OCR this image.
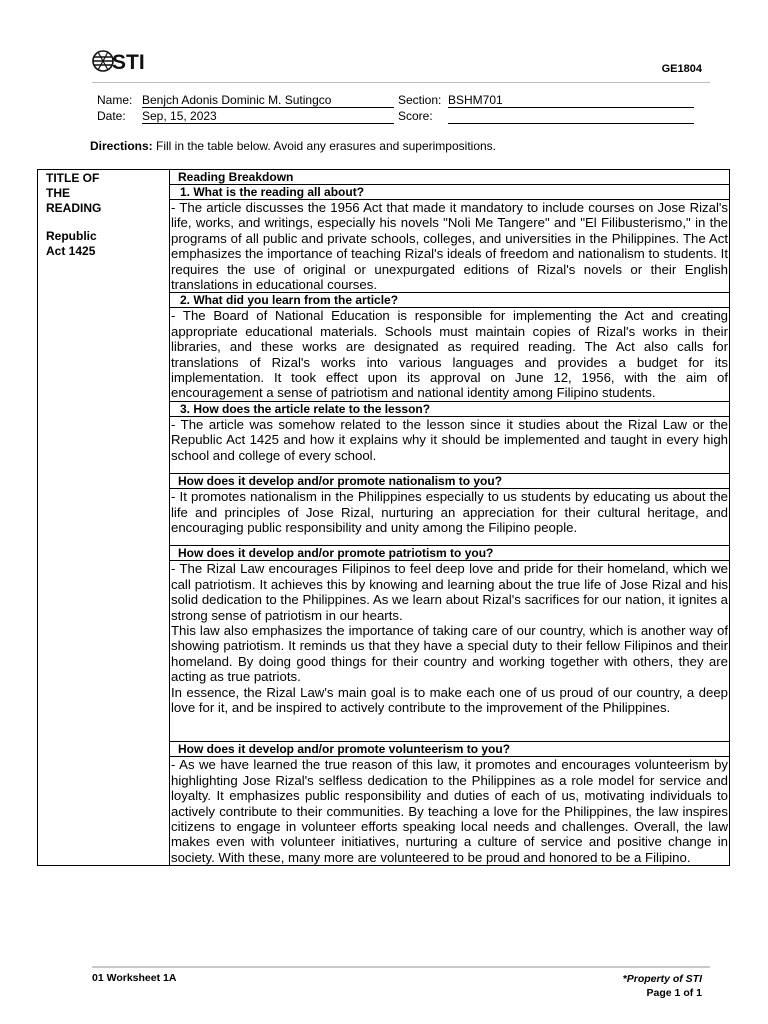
STI	GE1804
Name: Benjch Adonis Dominic M. Sutingco	Section: BSHM701
Date: Sep, 15, 2023	Score:
Directions: Fill in the table below. Avoid any erasures and superimpositions.
TITLE OF
THE
READING
Republic
Act 1425
	Reading Breakdown
1. What is the reading all about?
- The article discusses the 1956 Act that made it mandatory to include courses on Jose Rizal's life, works, and writings, especially his novels "Noli Me Tangere" and "El Filibusterismo," in the programs of all public and private schools, colleges, and universities in the Philippines. The Act emphasizes the importance of teaching Rizal's ideals of freedom and nationalism to students. It requires the use of original or unexpurgated editions of Rizal's novels or their English translations in educational courses.
2. What did you learn from the article?
- The Board of National Education is responsible for implementing the Act and creating appropriate educational materials. Schools must maintain copies of Rizal's works in their libraries, and these works are designated as required reading. The Act also calls for translations of Rizal's works into various languages and provides a budget for its implementation. It took effect upon its approval on June 12, 1956, with the aim of encouragement a sense of patriotism and national identity among Filipino students.
3. How does the article relate to the lesson?
- The article was somehow related to the lesson since it studies about the Rizal Law or the Republic Act 1425 and how it explains why it should be implemented and taught in every high school and college of every school.
How does it develop and/or promote nationalism to you?
- It promotes nationalism in the Philippines especially to us students by educating us about the life and principles of Jose Rizal, nurturing an appreciation for their cultural heritage, and encouraging public responsibility and unity among the Filipino people.
How does it develop and/or promote patriotism to you?

- The Rizal Law encourages Filipinos to feel deep love and pride for their homeland, which we call patriotism. It achieves this by knowing and learning about the true life of Jose Rizal and his solid dedication to the Philippines. As we learn about Rizal's sacrifices for our nation, it ignites a strong sense of patriotism in our hearts.

This law also emphasizes the importance of taking care of our country, which is another way of showing patriotism. It reminds us that they have a special duty to their fellow Filipinos and their homeland. By doing good things for their country and working together with others, they are acting as true patriots.

In essence, the Rizal Law's main goal is to make each one of us proud of our country, a deep love for it, and be inspired to actively contribute to the improvement of the Philippines.

How does it develop and/or promote volunteerism to you?
- As we have learned the true reason of this law, it promotes and encourages volunteerism by highlighting Jose Rizal's selfless dedication to the Philippines as a role model for service and loyalty. It emphasizes public responsibility and duties of each of us, motivating individuals to actively contribute to their communities. By teaching a love for the Philippines, the law inspires citizens to engage in volunteer efforts speaking local needs and challenges. Overall, the law makes even with volunteer initiatives, nurturing a culture of service and positive change in society. With these, many more are volunteered to be proud and honored to be a Filipino.
01 Worksheet 1A	*Property of STI
Page 1 of 1
